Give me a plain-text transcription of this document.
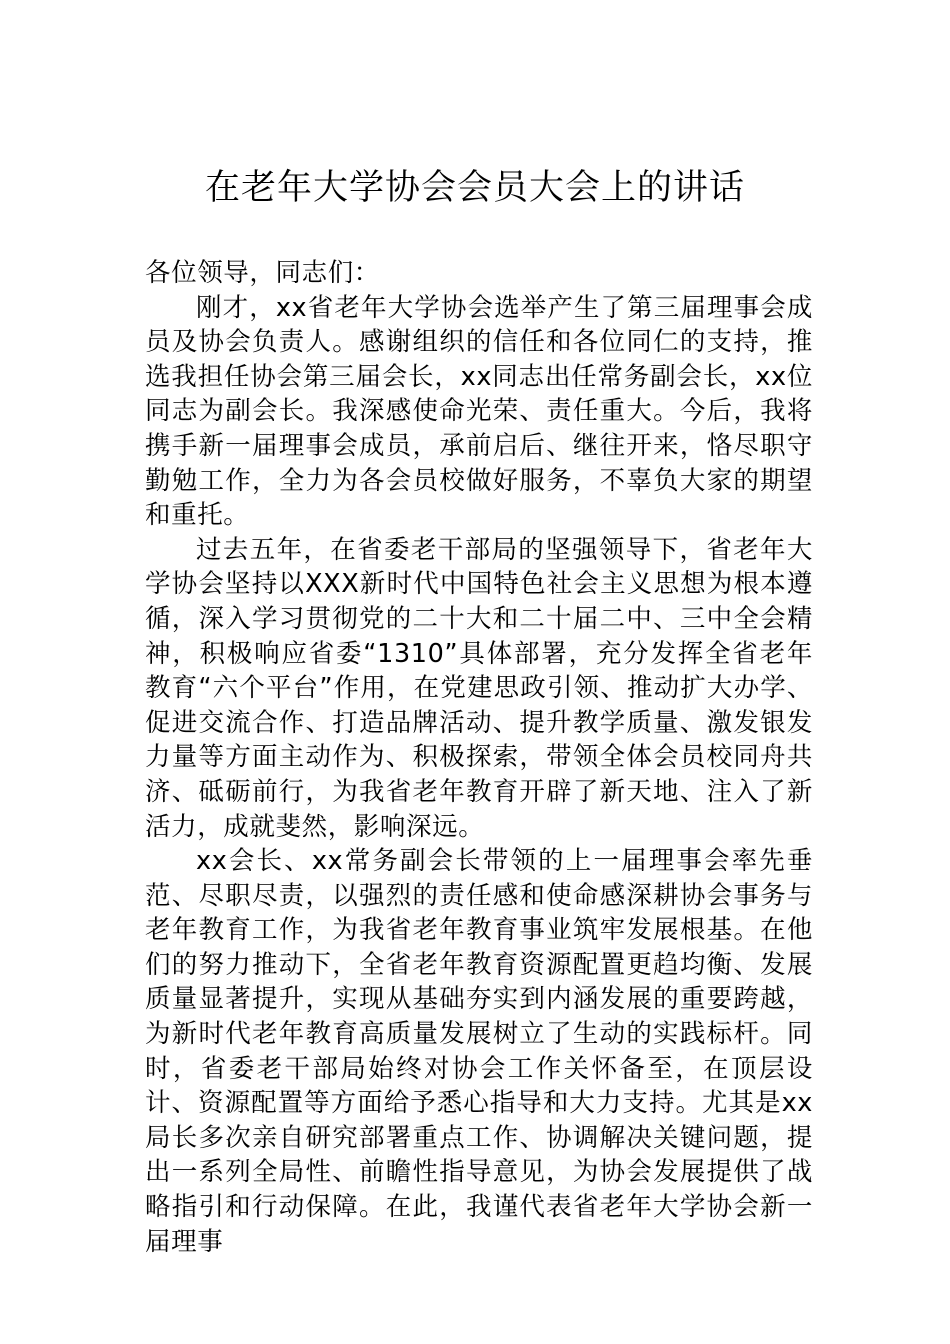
在老年大学协会会员大会上的讲话

各位领导，同志们：

刚才，xx省老年大学协会选举产生了第三届理事会成员及协会负责人。感谢组织的信任和各位同仁的支持，推选我担任协会第三届会长，xx同志出任常务副会长，xx位同志为副会长。我深感使命光荣、责任重大。今后，我将携手新一届理事会成员，承前启后、继往开来，恪尽职守勤勉工作，全力为各会员校做好服务，不辜负大家的期望和重托。

过去五年，在省委老干部局的坚强领导下，省老年大学协会坚持以XXX新时代中国特色社会主义思想为根本遵循，深入学习贯彻党的二十大和二十届二中、三中全会精神，积极响应省委“1310”具体部署，充分发挥全省老年教育“六个平台”作用，在党建思政引领、推动扩大办学、促进交流合作、打造品牌活动、提升教学质量、激发银发力量等方面主动作为、积极探索，带领全体会员校同舟共济、砥砺前行，为我省老年教育开辟了新天地、注入了新活力，成就斐然，影响深远。

xx会长、xx常务副会长带领的上一届理事会率先垂范、尽职尽责，以强烈的责任感和使命感深耕协会事务与老年教育工作，为我省老年教育事业筑牢发展根基。在他们的努力推动下，全省老年教育资源配置更趋均衡、发展质量显著提升，实现从基础夯实到内涵发展的重要跨越，为新时代老年教育高质量发展树立了生动的实践标杆。同时，省委老干部局始终对协会工作关怀备至，在顶层设计、资源配置等方面给予悉心指导和大力支持。尤其是xx局长多次亲自研究部署重点工作、协调解决关键问题，提出一系列全局性、前瞻性指导意见，为协会发展提供了战略指引和行动保障。在此，我谨代表省老年大学协会新一届理事
